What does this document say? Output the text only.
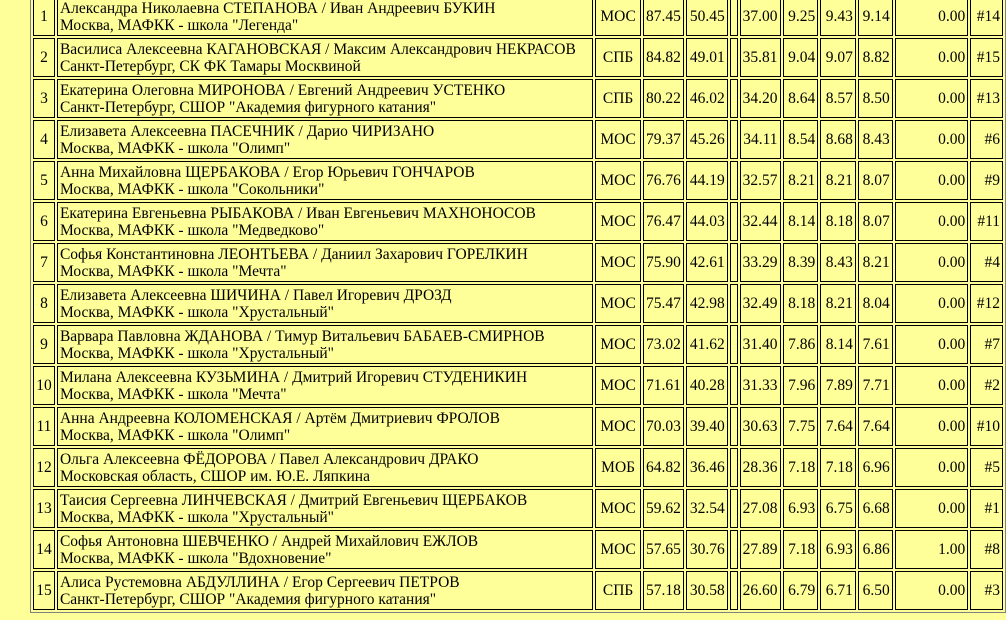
1	Александра Николаевна СТЕПАНОВА / Иван Андреевич БУКИН
Москва, МАФКК - школа "Легенда"	МОС	87.45	50.45		37.00	9.25	9.43	9.14	0.00	#14
2	Василиса Алексеевна КАГАНОВСКАЯ / Максим Александрович НЕКРАСОВ
Санкт-Петербург, СК ФК Тамары Москвиной	СПБ	84.82	49.01		35.81	9.04	9.07	8.82	0.00	#15
3	Екатерина Олеговна МИРОНОВА / Евгений Андреевич УСТЕНКО
Санкт-Петербург, СШОР "Академия фигурного катания"	СПБ	80.22	46.02		34.20	8.64	8.57	8.50	0.00	#13
4	Елизавета Алексеевна ПАСЕЧНИК / Дарио ЧИРИЗАНО
Москва, МАФКК - школа "Олимп"	МОС	79.37	45.26		34.11	8.54	8.68	8.43	0.00	#6
5	Анна Михайловна ЩЕРБАКОВА / Егор Юрьевич ГОНЧАРОВ
Москва, МАФКК - школа "Сокольники"	МОС	76.76	44.19		32.57	8.21	8.21	8.07	0.00	#9
6	Екатерина Евгеньевна РЫБАКОВА / Иван Евгеньевич МАХНОНОСОВ
Москва, МАФКК - школа "Медведково"	МОС	76.47	44.03		32.44	8.14	8.18	8.07	0.00	#11
7	Софья Константиновна ЛЕОНТЬЕВА / Даниил Захарович ГОРЕЛКИН
Москва, МАФКК - школа "Мечта"	МОС	75.90	42.61		33.29	8.39	8.43	8.21	0.00	#4
8	Елизавета Алексеевна ШИЧИНА / Павел Игоревич ДРОЗД
Москва, МАФКК - школа "Хрустальный"	МОС	75.47	42.98		32.49	8.18	8.21	8.04	0.00	#12
9	Варвара Павловна ЖДАНОВА / Тимур Витальевич БАБАЕВ-СМИРНОВ
Москва, МАФКК - школа "Хрустальный"	МОС	73.02	41.62		31.40	7.86	8.14	7.61	0.00	#7
10	Милана Алексеевна КУЗЬМИНА / Дмитрий Игоревич СТУДЕНИКИН
Москва, МАФКК - школа "Мечта"	МОС	71.61	40.28		31.33	7.96	7.89	7.71	0.00	#2
11	Анна Андреевна КОЛОМЕНСКАЯ / Артём Дмитриевич ФРОЛОВ
Москва, МАФКК - школа "Олимп"	МОС	70.03	39.40		30.63	7.75	7.64	7.64	0.00	#10
12	Ольга Алексеевна ФЁДОРОВА / Павел Александрович ДРАКО
Московская область, СШОР им. Ю.Е. Ляпкина	МОБ	64.82	36.46		28.36	7.18	7.18	6.96	0.00	#5
13	Таисия Сергеевна ЛИНЧЕВСКАЯ / Дмитрий Евгеньевич ЩЕРБАКОВ
Москва, МАФКК - школа "Хрустальный"	МОС	59.62	32.54		27.08	6.93	6.75	6.68	0.00	#1
14	Софья Антоновна ШЕВЧЕНКО / Андрей Михайлович ЕЖЛОВ
Москва, МАФКК - школа "Вдохновение"	МОС	57.65	30.76		27.89	7.18	6.93	6.86	1.00	#8
15	Алиса Рустемовна АБДУЛЛИНА / Егор Сергеевич ПЕТРОВ
Санкт-Петербург, СШОР "Академия фигурного катания"	СПБ	57.18	30.58		26.60	6.79	6.71	6.50	0.00	#3
